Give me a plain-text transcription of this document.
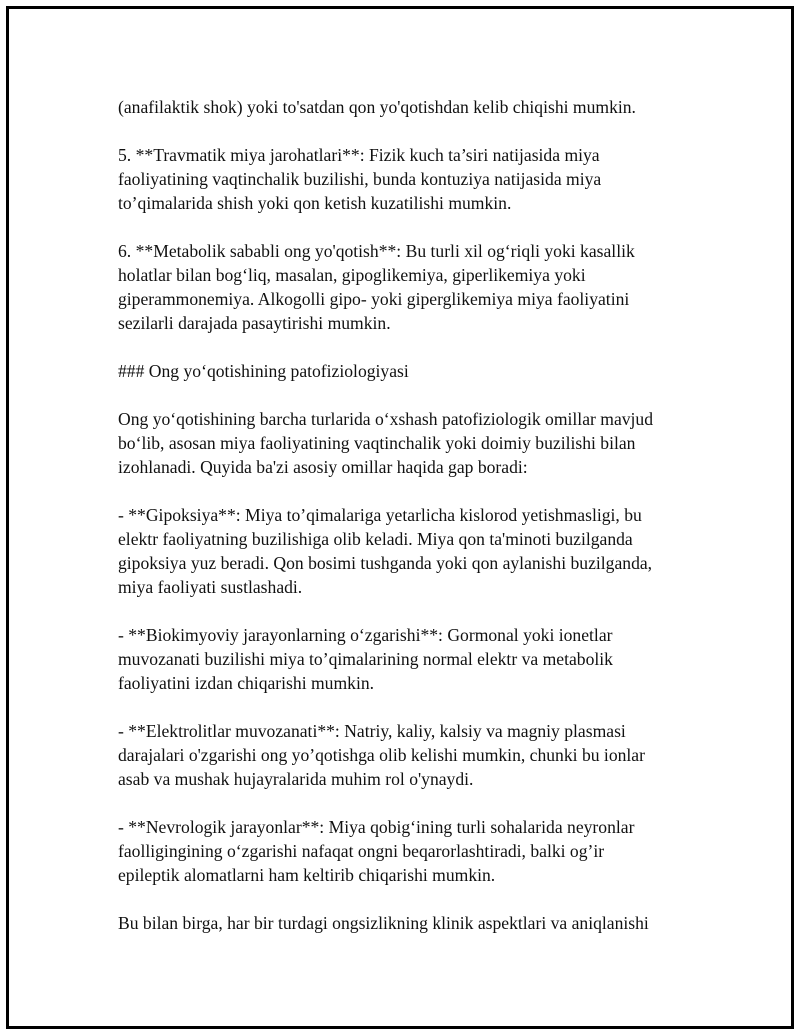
(anafilaktik shok) yoki to'satdan qon yo'qotishdan kelib chiqishi mumkin.

5. **Travmatik miya jarohatlari**: Fizik kuch ta’siri natijasida miya
faoliyatining vaqtinchalik buzilishi, bunda kontuziya natijasida miya
to’qimalarida shish yoki qon ketish kuzatilishi mumkin.

6. **Metabolik sababli ong yo'qotish**: Bu turli xil og‘riqli yoki kasallik
holatlar bilan bog‘liq, masalan, gipoglikemiya, giperlikemiya yoki
giperammonemiya. Alkogolli gipo- yoki giperglikemiya miya faoliyatini
sezilarli darajada pasaytirishi mumkin.

### Ong yo‘qotishining patofiziologiyasi

Ong yo‘qotishining barcha turlarida o‘xshash patofiziologik omillar mavjud
bo‘lib, asosan miya faoliyatining vaqtinchalik yoki doimiy buzilishi bilan
izohlanadi. Quyida ba'zi asosiy omillar haqida gap boradi:

- **Gipoksiya**: Miya to’qimalariga yetarlicha kislorod yetishmasligi, bu
elektr faoliyatning buzilishiga olib keladi. Miya qon ta'minoti buzilganda
gipoksiya yuz beradi. Qon bosimi tushganda yoki qon aylanishi buzilganda,
miya faoliyati sustlashadi.

- **Biokimyoviy jarayonlarning o‘zgarishi**: Gormonal yoki ionetlar
muvozanati buzilishi miya to’qimalarining normal elektr va metabolik
faoliyatini izdan chiqarishi mumkin.

- **Elektrolitlar muvozanati**: Natriy, kaliy, kalsiy va magniy plasmasi
darajalari o'zgarishi ong yo’qotishga olib kelishi mumkin, chunki bu ionlar
asab va mushak hujayralarida muhim rol o'ynaydi.

- **Nevrologik jarayonlar**: Miya qobig‘ining turli sohalarida neyronlar
faolligingining o‘zgarishi nafaqat ongni beqarorlashtiradi, balki og’ir
epileptik alomatlarni ham keltirib chiqarishi mumkin.

Bu bilan birga, har bir turdagi ongsizlikning klinik aspektlari va aniqlanishi
